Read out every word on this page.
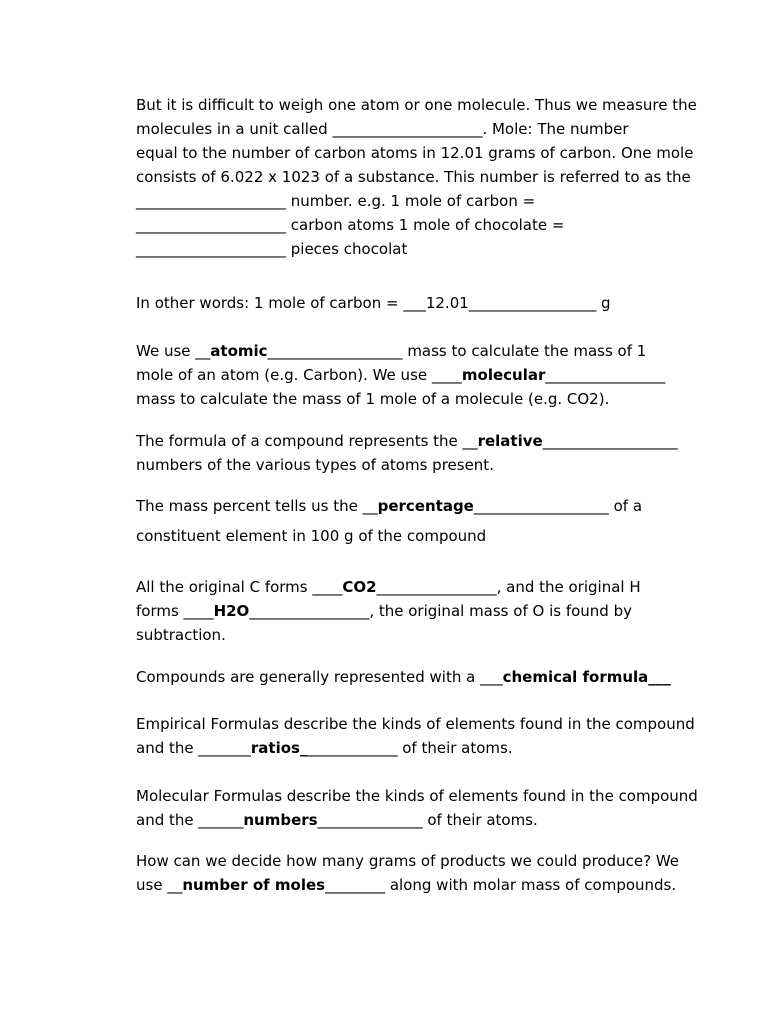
But it is difficult to weigh one atom or one molecule. Thus we measure the
molecules in a unit called ____________________. Mole: The number
equal to the number of carbon atoms in 12.01 grams of carbon. One mole
consists of 6.022 x 1023 of a substance. This number is referred to as the
____________________ number. e.g. 1 mole of carbon =
____________________ carbon atoms 1 mole of chocolate =
____________________ pieces chocolat
In other words: 1 mole of carbon = ___12.01_________________ g
We use __atomic__________________ mass to calculate the mass of 1
mole of an atom (e.g. Carbon). We use ____molecular________________
mass to calculate the mass of 1 mole of a molecule (e.g. CO2).
The formula of a compound represents the __relative__________________
numbers of the various types of atoms present.
The mass percent tells us the __percentage__________________ of a
constituent element in 100 g of the compound
All the original C forms ____CO2________________, and the original H
forms ____H2O________________, the original mass of O is found by
subtraction.
Compounds are generally represented with a ___chemical formula___
Empirical Formulas describe the kinds of elements found in the compound
and the _______ratios_____________ of their atoms.
Molecular Formulas describe the kinds of elements found in the compound
and the ______numbers______________ of their atoms.
How can we decide how many grams of products we could produce? We
use __number of moles________ along with molar mass of compounds.
